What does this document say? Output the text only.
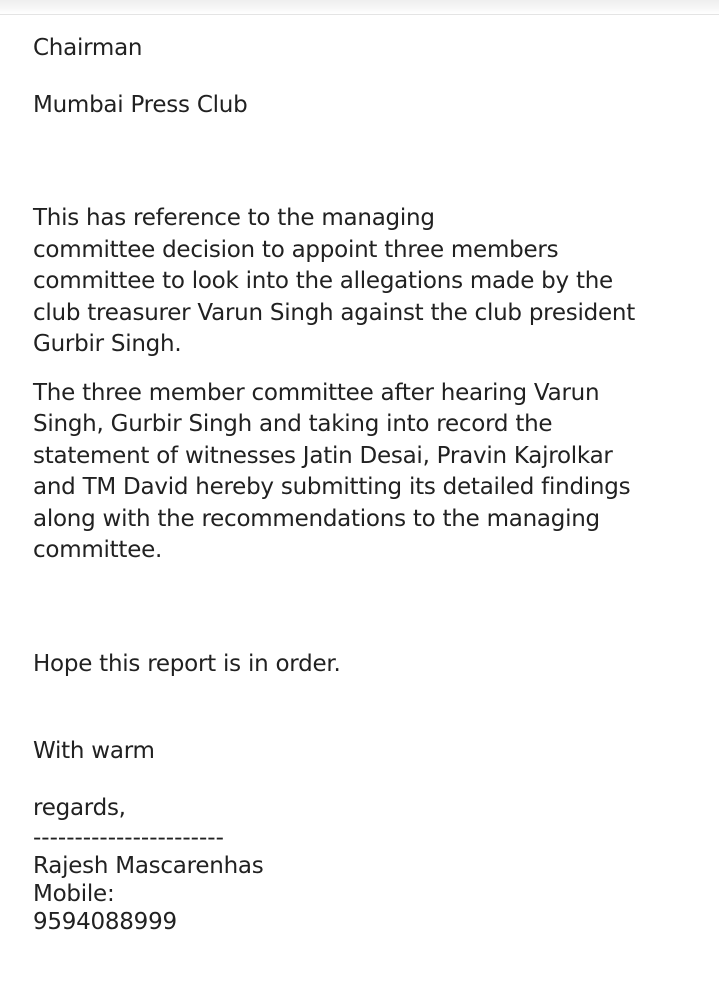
Chairman

Mumbai Press Club

This has reference to the managing
committee decision to appoint three members
committee to look into the allegations made by the
club treasurer Varun Singh against the club president
Gurbir Singh.

The three member committee after hearing Varun
Singh, Gurbir Singh and taking into record the
statement of witnesses Jatin Desai, Pravin Kajrolkar
and TM David hereby submitting its detailed findings
along with the recommendations to the managing
committee.

Hope this report is in order.

With warm

regards,

-----------------------
Rajesh Mascarenhas
Mobile:
9594088999
